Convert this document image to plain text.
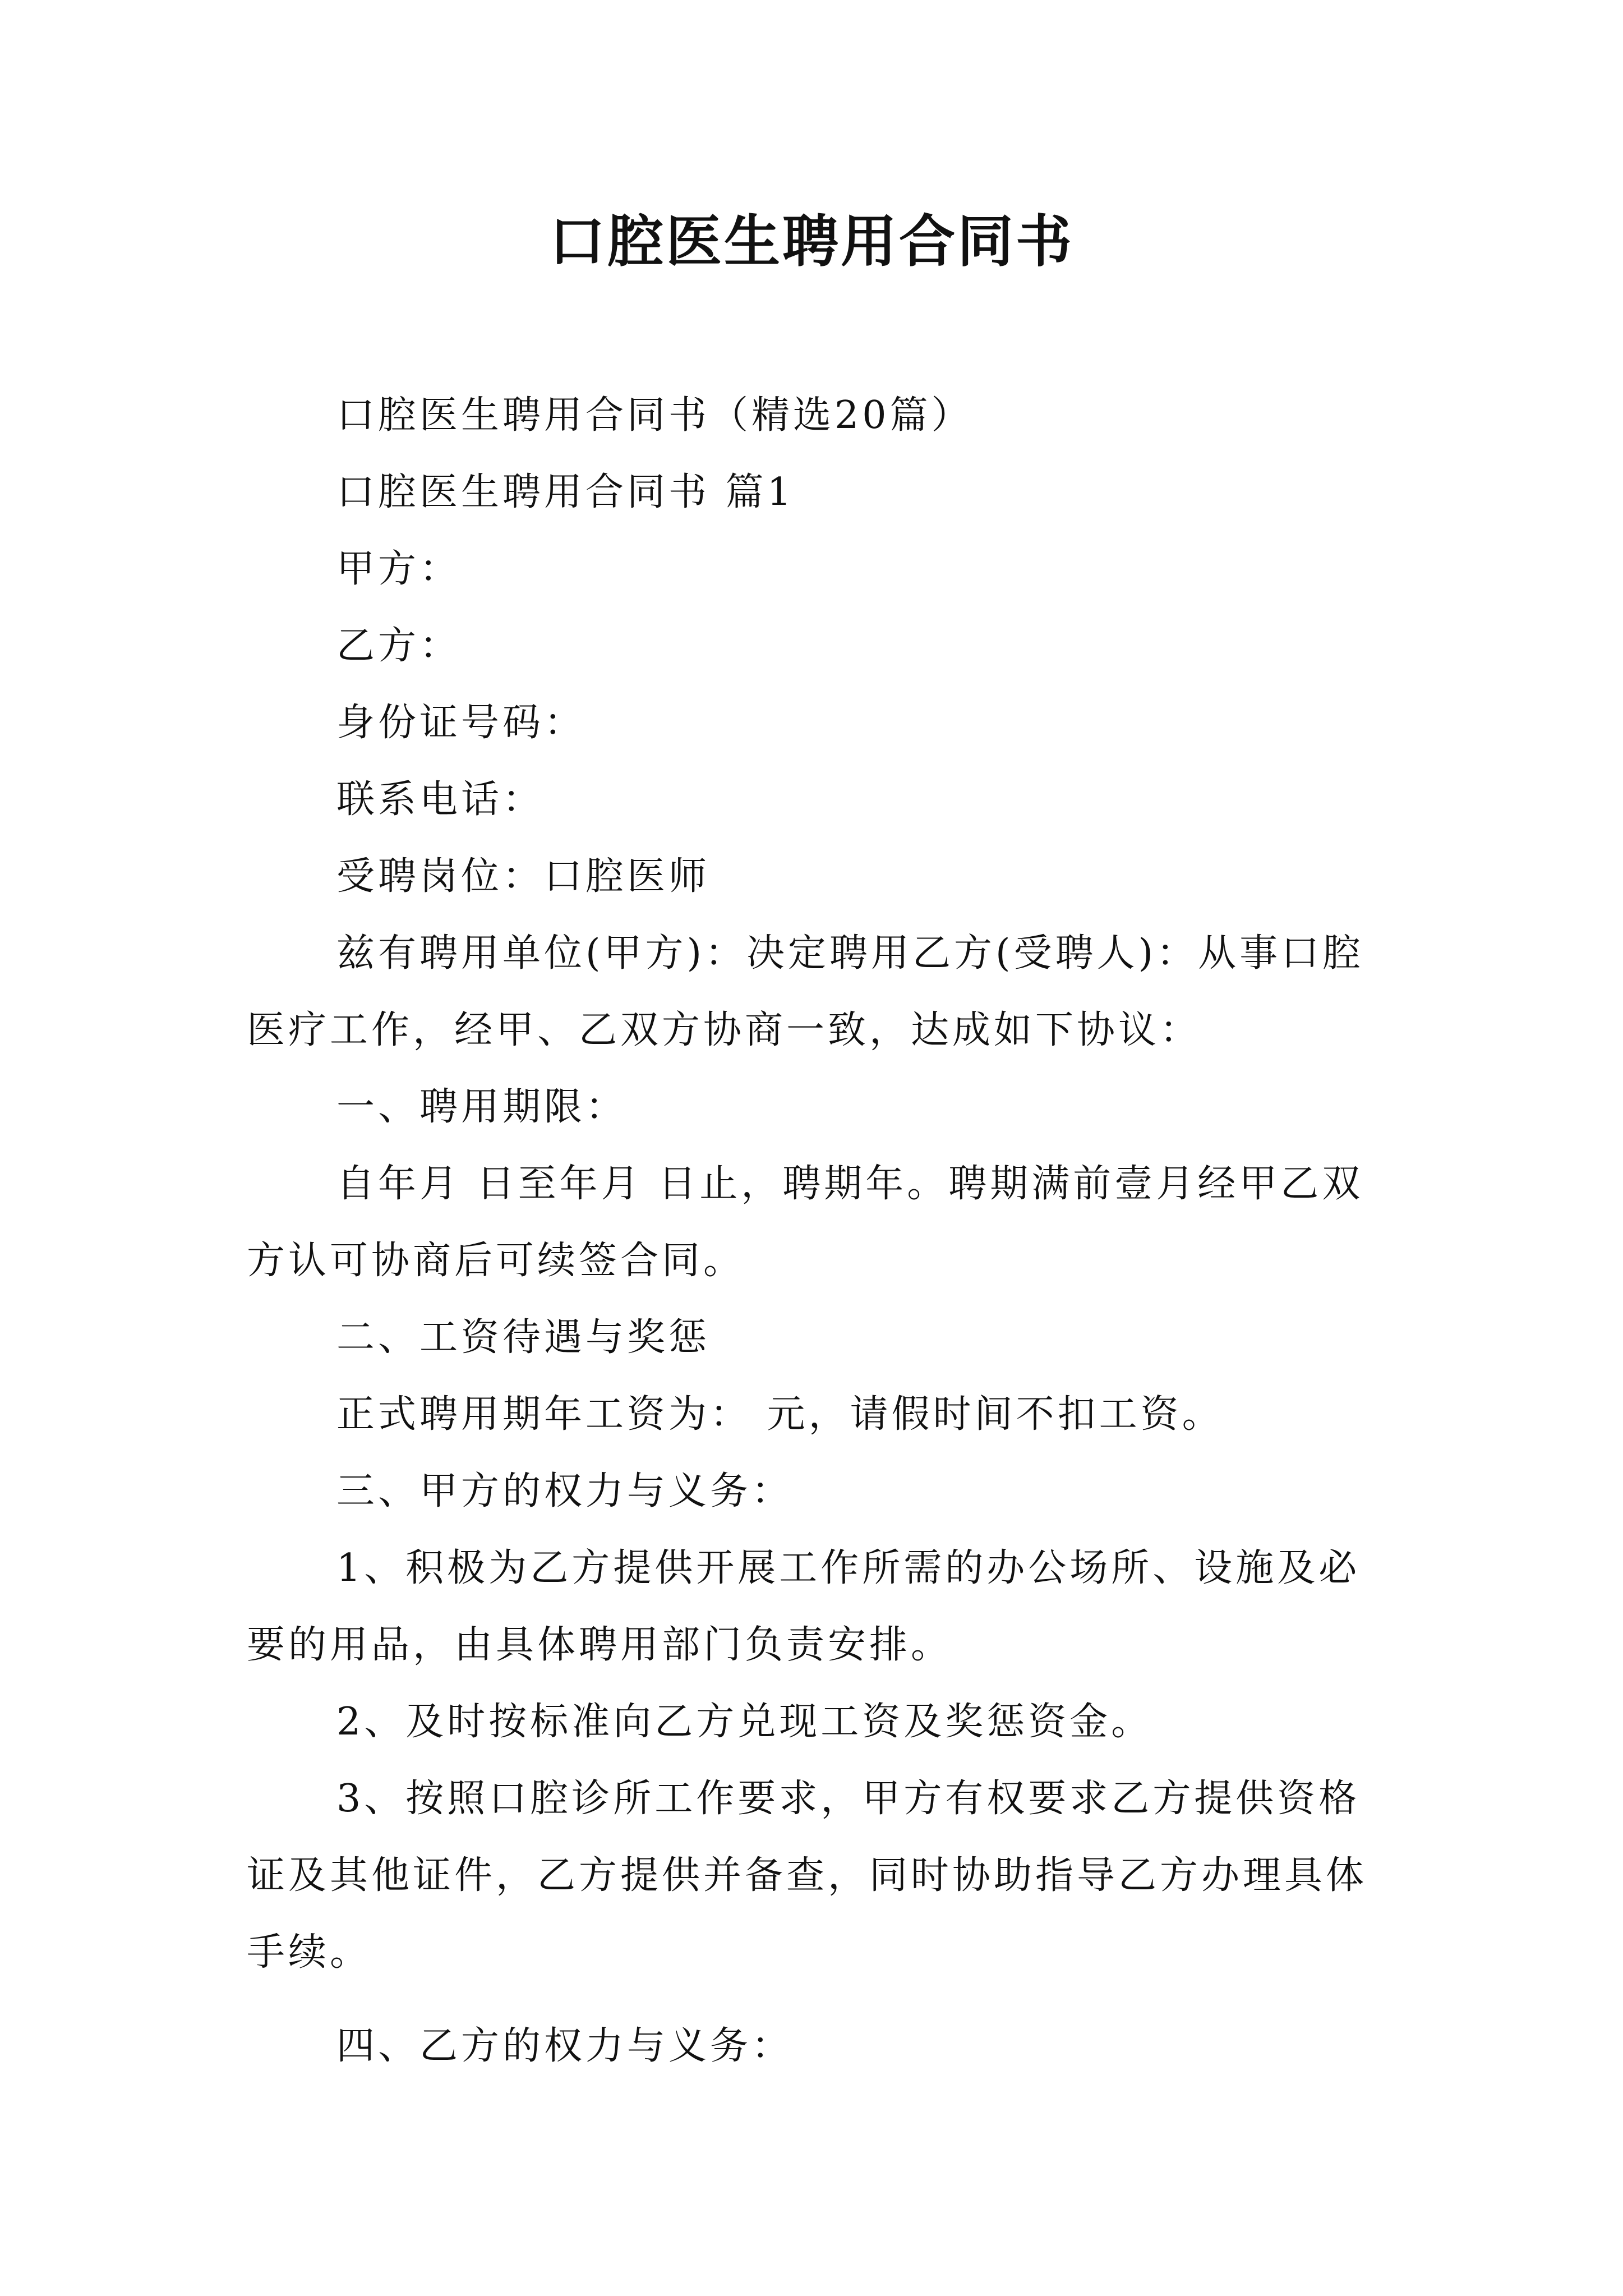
口腔医生聘用合同书

口腔医生聘用合同书（精选20篇）

口腔医生聘用合同书 篇1

甲方：

乙方：

身份证号码：

联系电话：

受聘岗位：口腔医师

兹有聘用单位(甲方)：决定聘用乙方(受聘人)：从事口腔医疗工作，经甲、乙双方协商一致，达成如下协议：

一、聘用期限：

自年月 日至年月 日止，聘期年。聘期满前壹月经甲乙双方认可协商后可续签合同。

二、工资待遇与奖惩

正式聘用期年工资为： 元，请假时间不扣工资。

三、甲方的权力与义务：

1、积极为乙方提供开展工作所需的办公场所、设施及必要的用品，由具体聘用部门负责安排。

2、及时按标准向乙方兑现工资及奖惩资金。

3、按照口腔诊所工作要求，甲方有权要求乙方提供资格证及其他证件，乙方提供并备查，同时协助指导乙方办理具体手续。

四、乙方的权力与义务：
